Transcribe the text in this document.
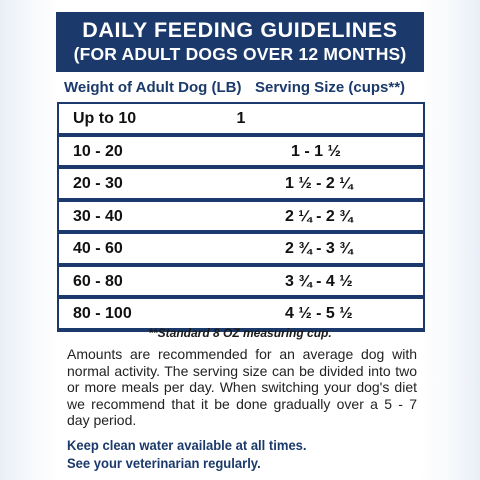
DAILY FEEDING GUIDELINES
(FOR ADULT DOGS OVER 12 MONTHS)
Weight of Adult Dog (LB) Serving Size (cups**)
Up to 10	1
10 - 20	1 - 1 ½
20 - 30	1 ½ - 2 ¼
30 - 40	2 ¼ - 2 ¾
40 - 60	2 ¾ - 3 ¾
60 - 80	3 ¾ - 4 ½
80 - 100	4 ½ - 5 ½
**Standard 8 OZ measuring cup.
Amounts are recommended for an average dog with normal activity. The serving size can be divided into two or more meals per day. When switching your dog's diet we recommend that it be done gradually over a 5 - 7 day period.
Keep clean water available at all times.
See your veterinarian regularly.
